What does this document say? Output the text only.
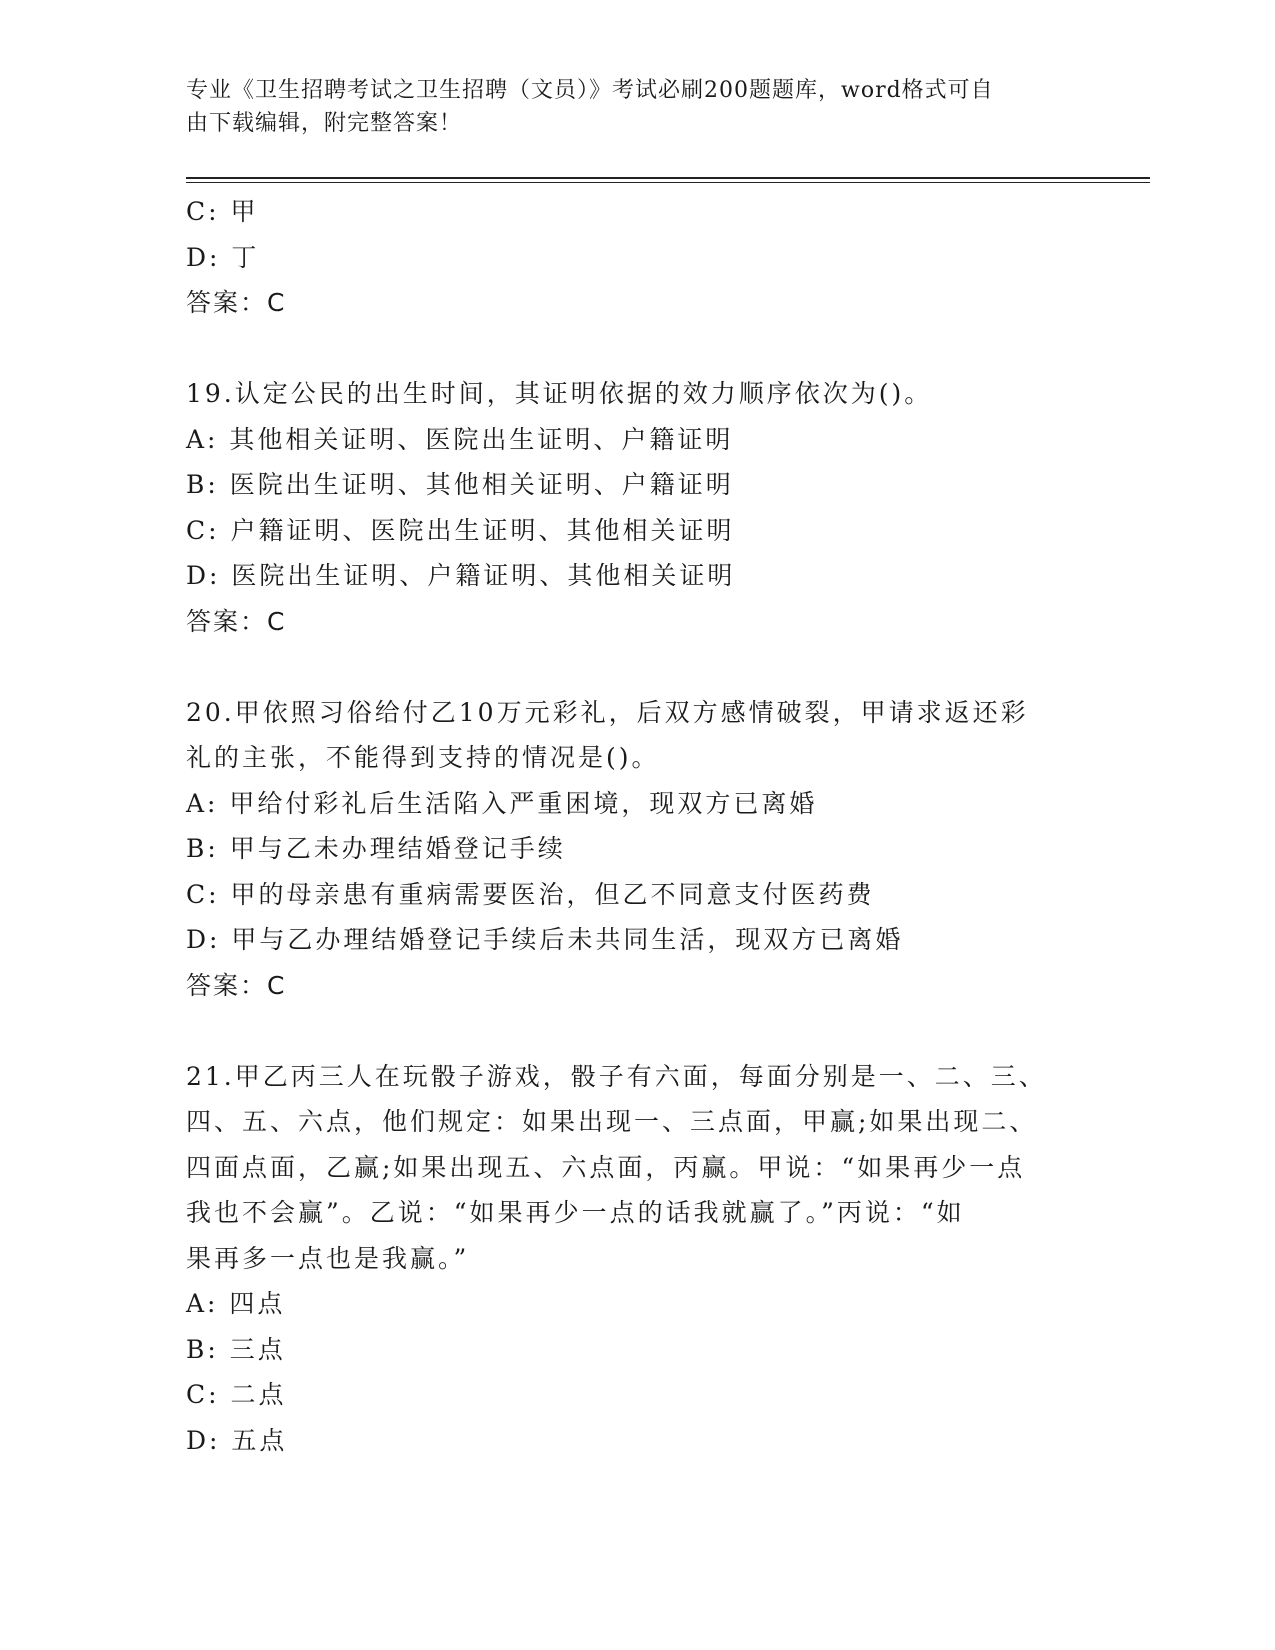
专业《卫生招聘考试之卫生招聘（文员）》考试必刷200题题库，word格式可自
由下载编辑，附完整答案！
C: 甲
D: 丁
答案：C
19.认定公民的出生时间，其证明依据的效力顺序依次为()。
A: 其他相关证明、医院出生证明、户籍证明
B: 医院出生证明、其他相关证明、户籍证明
C: 户籍证明、医院出生证明、其他相关证明
D: 医院出生证明、户籍证明、其他相关证明
答案：C
20.甲依照习俗给付乙10万元彩礼，后双方感情破裂，甲请求返还彩
礼的主张，不能得到支持的情况是()。
A: 甲给付彩礼后生活陷入严重困境，现双方已离婚
B: 甲与乙未办理结婚登记手续
C: 甲的母亲患有重病需要医治，但乙不同意支付医药费
D: 甲与乙办理结婚登记手续后未共同生活，现双方已离婚
答案：C
21.甲乙丙三人在玩骰子游戏，骰子有六面，每面分别是一、二、三、
四、五、六点，他们规定：如果出现一、三点面，甲赢;如果出现二、
四面点面，乙赢;如果出现五、六点面，丙赢。甲说：“如果再少一点
我也不会赢”。乙说：“如果再少一点的话我就赢了。”丙说：“如
果再多一点也是我赢。”
A: 四点
B: 三点
C: 二点
D: 五点
